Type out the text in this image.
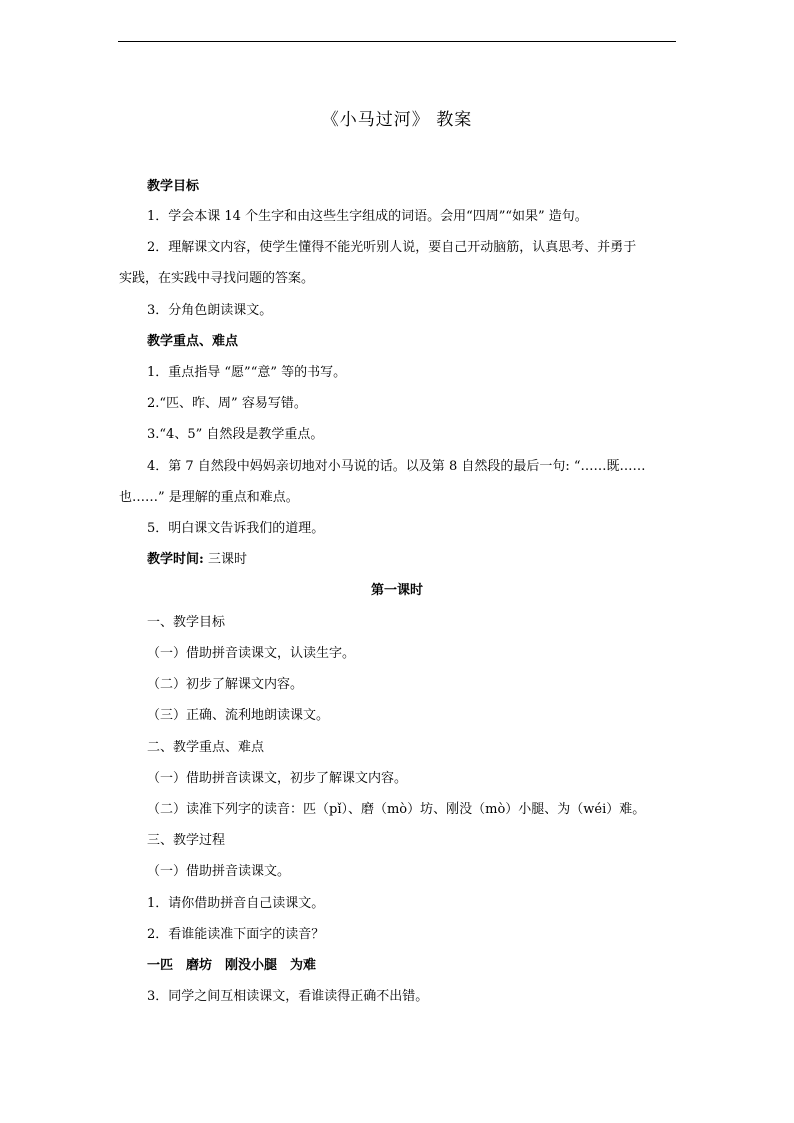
《小马过河》 教案
教学目标
1．学会本课 14 个生字和由这些生字组成的词语。会用“四周”“如果” 造句。
2．理解课文内容，使学生懂得不能光听别人说，要自己开动脑筋，认真思考、并勇于
实践，在实践中寻找问题的答案。
3．分角色朗读课文。
教学重点、难点
1．重点指导 “愿”“意” 等的书写。
2.“匹、昨、周” 容易写错。
3.“4、5” 自然段是教学重点。
4．第 7 自然段中妈妈亲切地对小马说的话。以及第 8 自然段的最后一句: “……既……
也……” 是理解的重点和难点。
5．明白课文告诉我们的道理。
教学时间: 三课时
第一课时
一、教学目标
（一）借助拼音读课文，认读生字。
（二）初步了解课文内容。
（三）正确、流利地朗读课文。
二、教学重点、难点
（一）借助拼音读课文，初步了解课文内容。
（二）读准下列字的读音：匹（pǐ）、磨（mò）坊、刚没（mò）小腿、为（wéi）难。
三、教学过程
（一）借助拼音读课文。
1．请你借助拼音自己读课文。
2．看谁能读准下面字的读音？
一匹　磨坊　刚没小腿　为难
3．同学之间互相读课文，看谁读得正确不出错。
